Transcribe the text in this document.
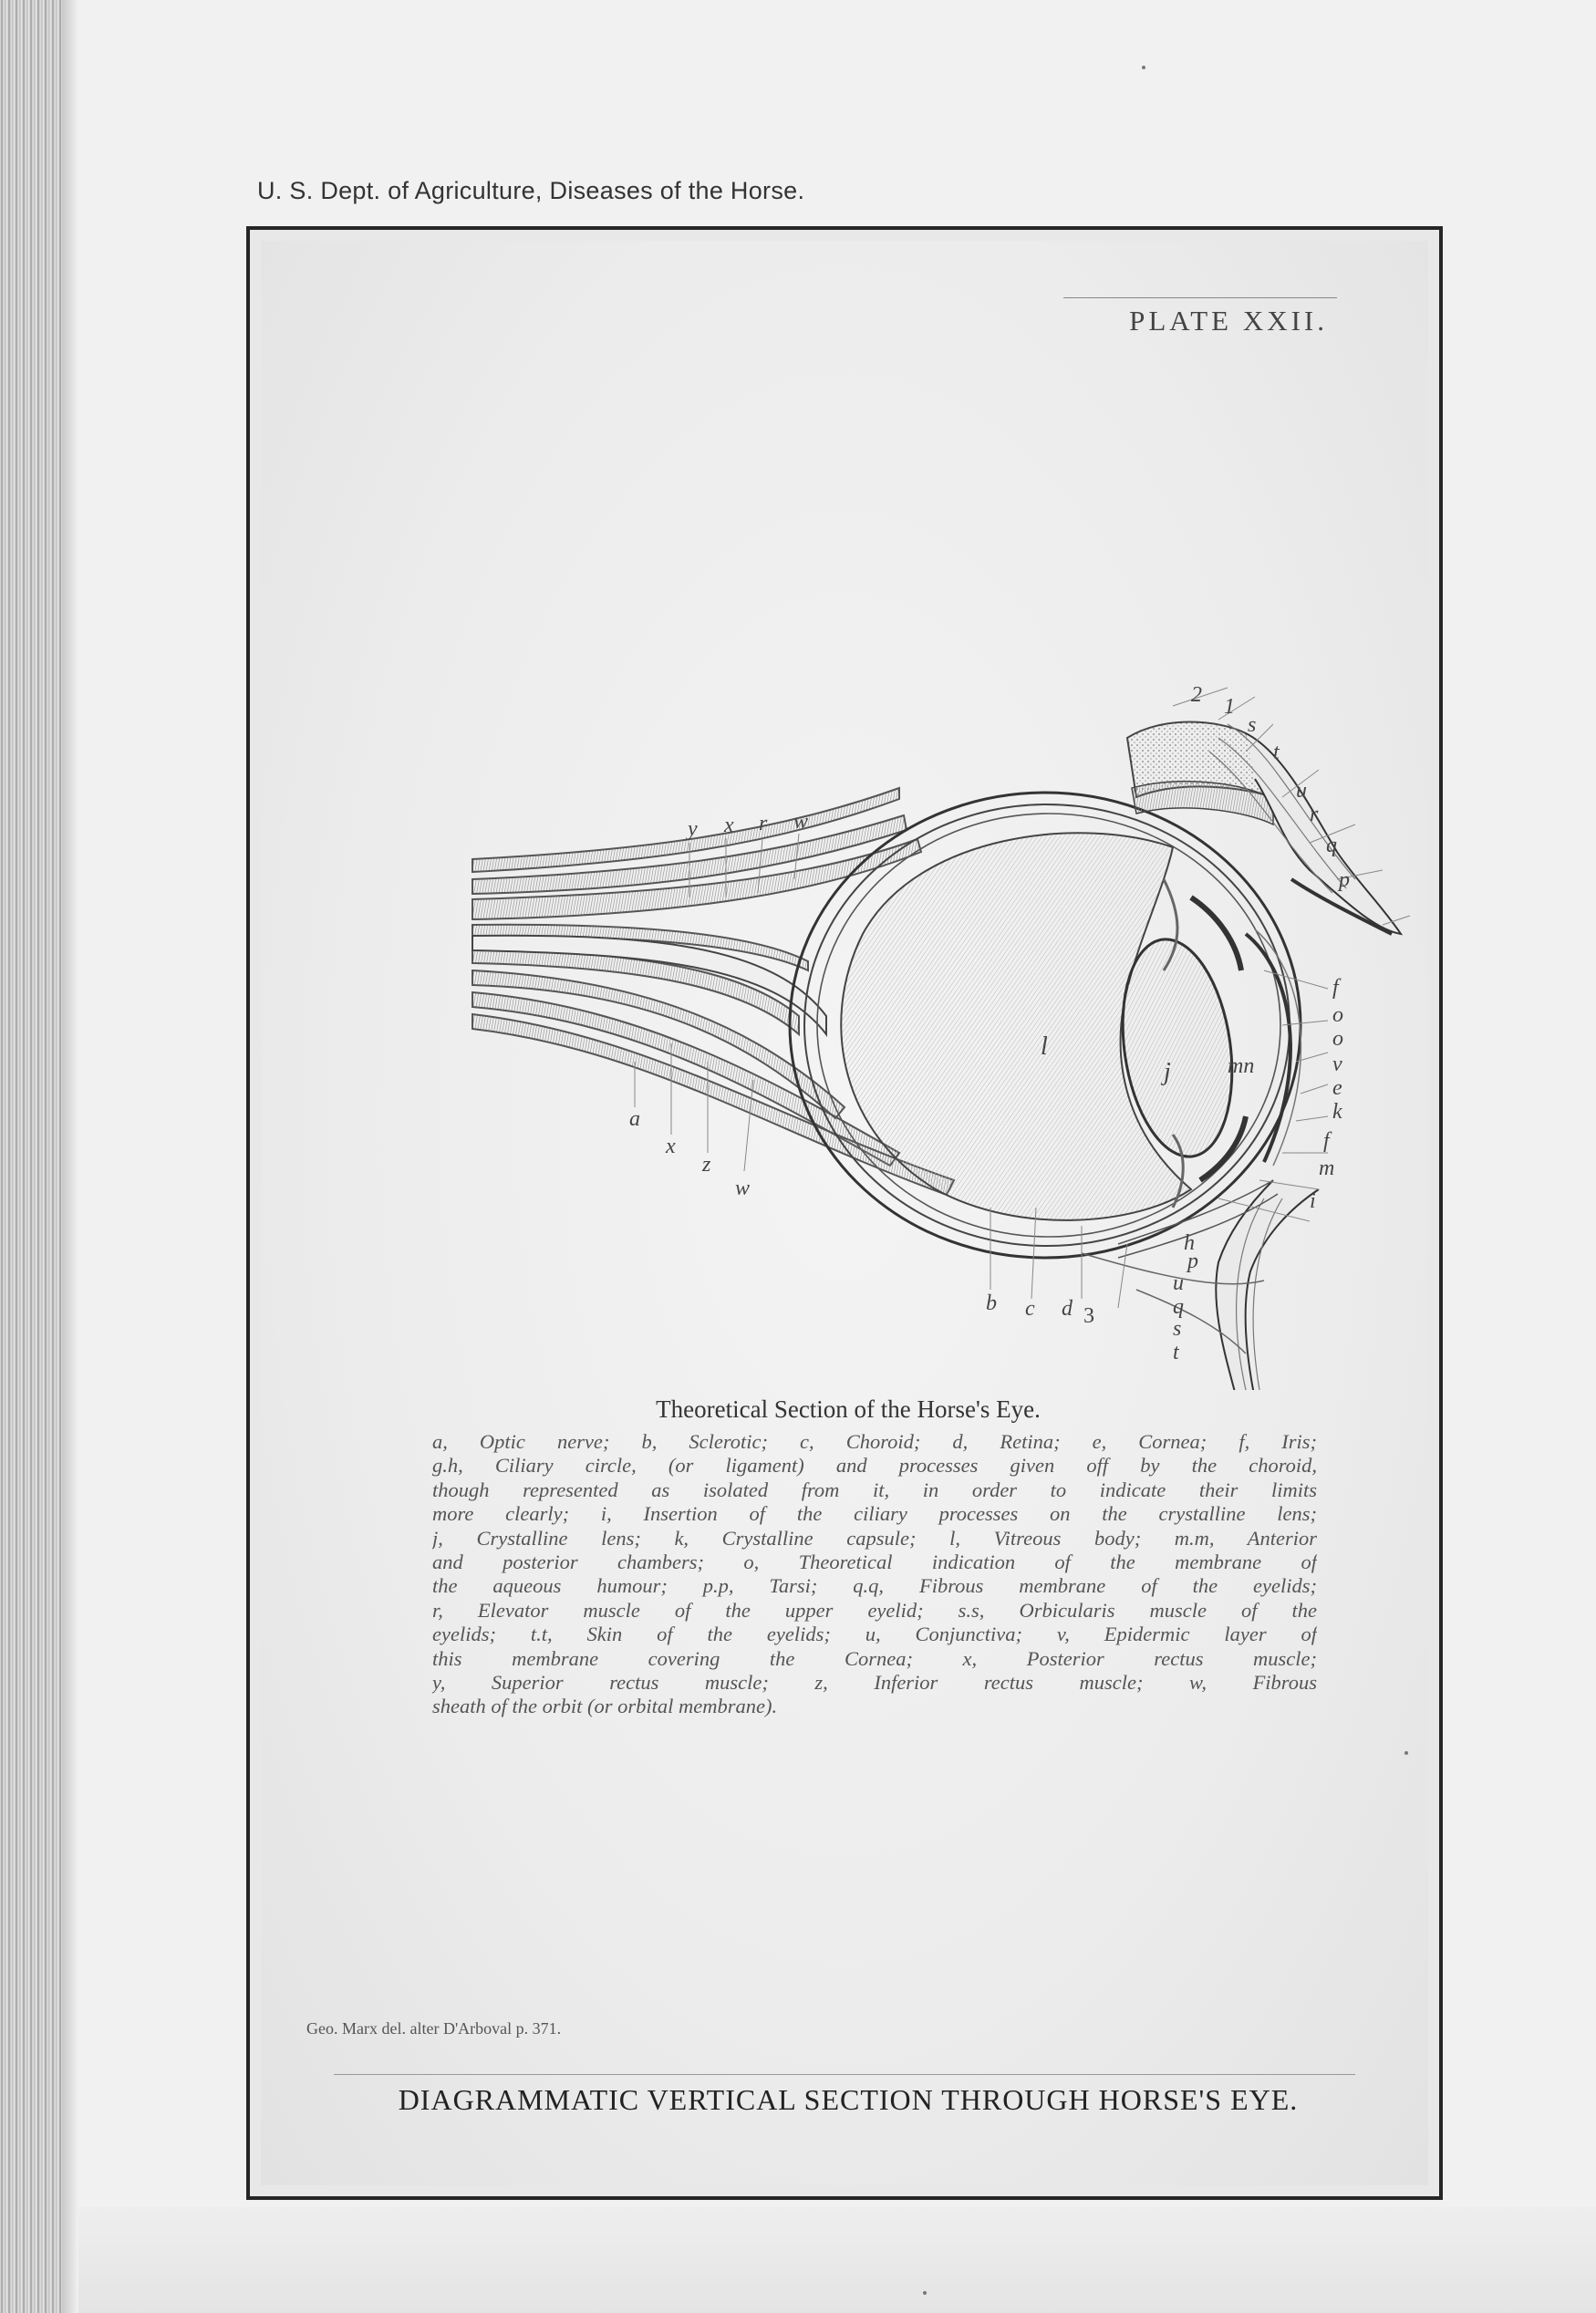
U. S. Dept. of Agriculture, Diseases of the Horse.
PLATE XXII.
2 1
s
t
u
r
q
p
y x r w
f
o
o
v
e
k
f
m
i
mn
l
j
a
x
z
w
b c d 3
h
p
u
q
s
t
Theoretical Section of the Horse's Eye.
a, Optic nerve; b, Sclerotic; c, Choroid; d, Retina; e, Cornea; f, Iris;
g.h, Ciliary circle, (or ligament) and processes given off by the choroid,
though represented as isolated from it, in order to indicate their limits
more clearly; i, Insertion of the ciliary processes on the crystalline lens;
j, Crystalline lens; k, Crystalline capsule; l, Vitreous body; m.m, Anterior
and posterior chambers; o, Theoretical indication of the membrane of
the aqueous humour; p.p, Tarsi; q.q, Fibrous membrane of the eyelids;
r, Elevator muscle of the upper eyelid; s.s, Orbicularis muscle of the
eyelids; t.t, Skin of the eyelids; u, Conjunctiva; v, Epidermic layer of
this membrane covering the Cornea; x, Posterior rectus muscle;
y, Superior rectus muscle; z, Inferior rectus muscle; w, Fibrous
sheath of the orbit (or orbital membrane).
Geo. Marx del. alter D'Arboval p. 371.
DIAGRAMMATIC VERTICAL SECTION THROUGH HORSE'S EYE.
